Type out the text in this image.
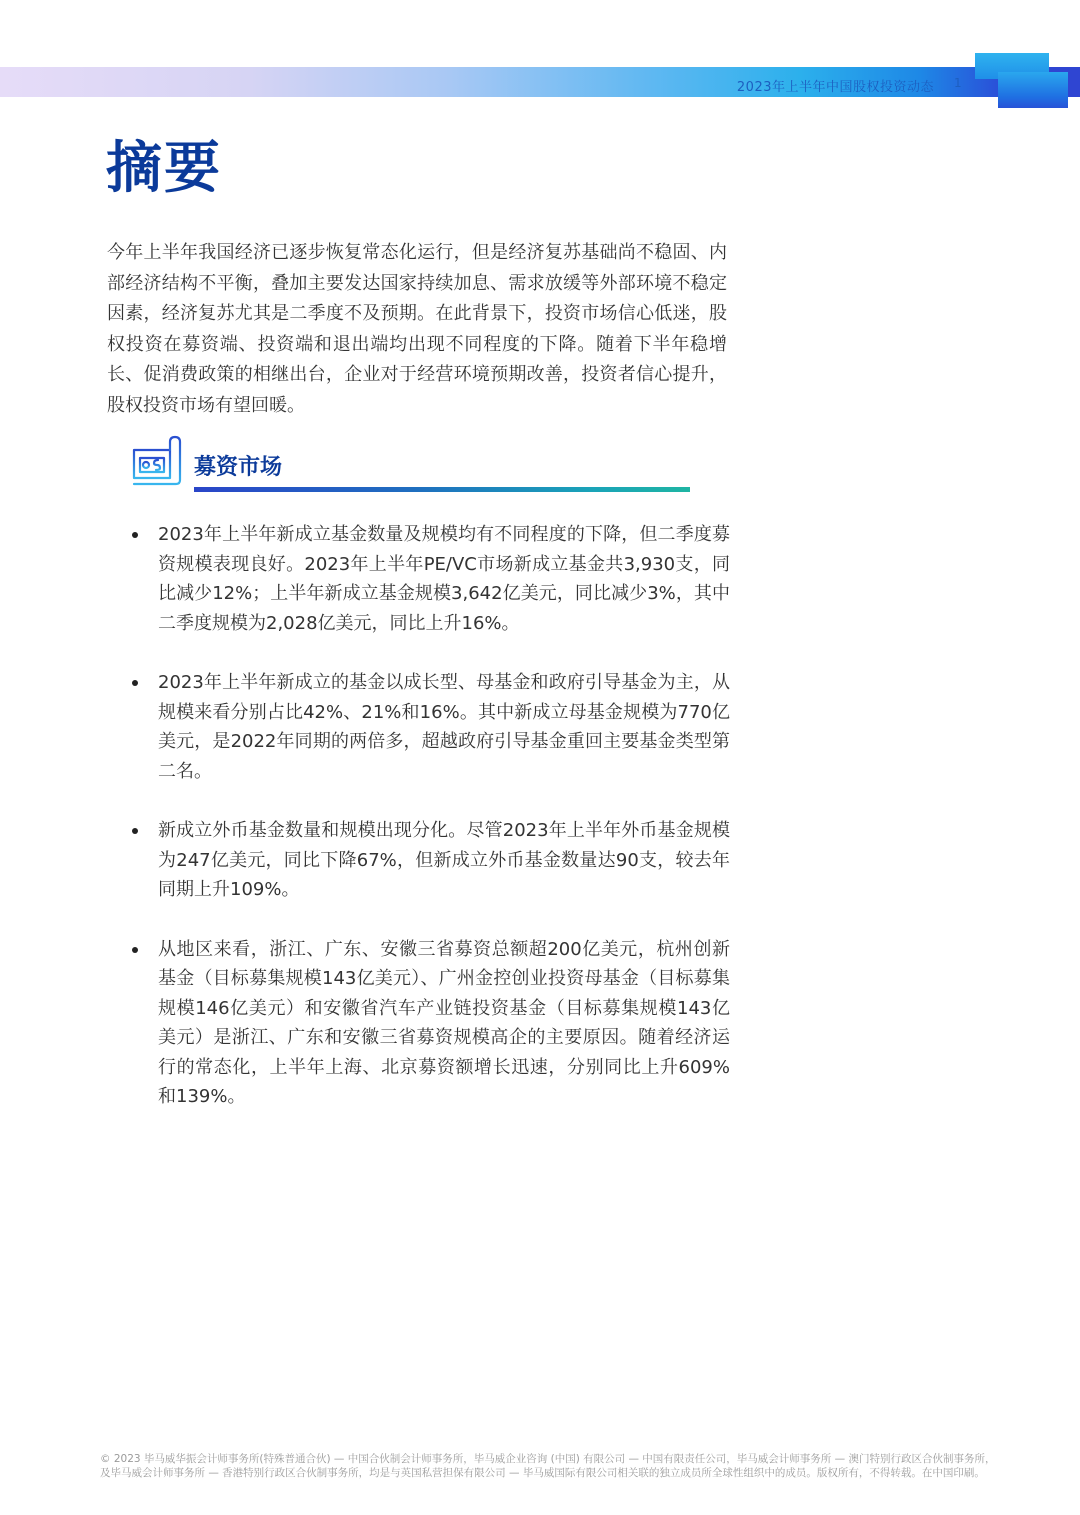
2023年上半年中国股权投资动态 1
摘要

今年上半年我国经济已逐步恢复常态化运行，但是经济复苏基础尚不稳固、内部经济结构不平衡，叠加主要发达国家持续加息、需求放缓等外部环境不稳定因素，经济复苏尤其是二季度不及预期。在此背景下，投资市场信心低迷，股权投资在募资端、投资端和退出端均出现不同程度的下降。随着下半年稳增长、促消费政策的相继出台，企业对于经营环境预期改善，投资者信心提升，股权投资市场有望回暖。

募资市场
2023年上半年新成立基金数量及规模均有不同程度的下降，但二季度募资规模表现良好。2023年上半年PE/VC市场新成立基金共3,930支，同比减少12%；上半年新成立基金规模3,642亿美元，同比减少3%，其中二季度规模为2,028亿美元，同比上升16%。
2023年上半年新成立的基金以成长型、母基金和政府引导基金为主，从规模来看分别占比42%、21%和16%。其中新成立母基金规模为770亿美元，是2022年同期的两倍多，超越政府引导基金重回主要基金类型第二名。
新成立外币基金数量和规模出现分化。尽管2023年上半年外币基金规模为247亿美元，同比下降67%，但新成立外币基金数量达90支，较去年同期上升109%。
从地区来看，浙江、广东、安徽三省募资总额超200亿美元，杭州创新基金（目标募集规模143亿美元）、广州金控创业投资母基金（目标募集规模146亿美元）和安徽省汽车产业链投资基金（目标募集规模143亿美元）是浙江、广东和安徽三省募资规模高企的主要原因。随着经济运行的常态化，上半年上海、北京募资额增长迅速，分别同比上升609%和139%。
© 2023 毕马威华振会计师事务所(特殊普通合伙) — 中国合伙制会计师事务所，毕马威企业咨询 (中国) 有限公司 — 中国有限责任公司，毕马威会计师事务所 — 澳门特别行政区合伙制事务所，
及毕马威会计师事务所 — 香港特别行政区合伙制事务所，均是与英国私营担保有限公司 — 毕马威国际有限公司相关联的独立成员所全球性组织中的成员。版权所有，不得转载。在中国印刷。
